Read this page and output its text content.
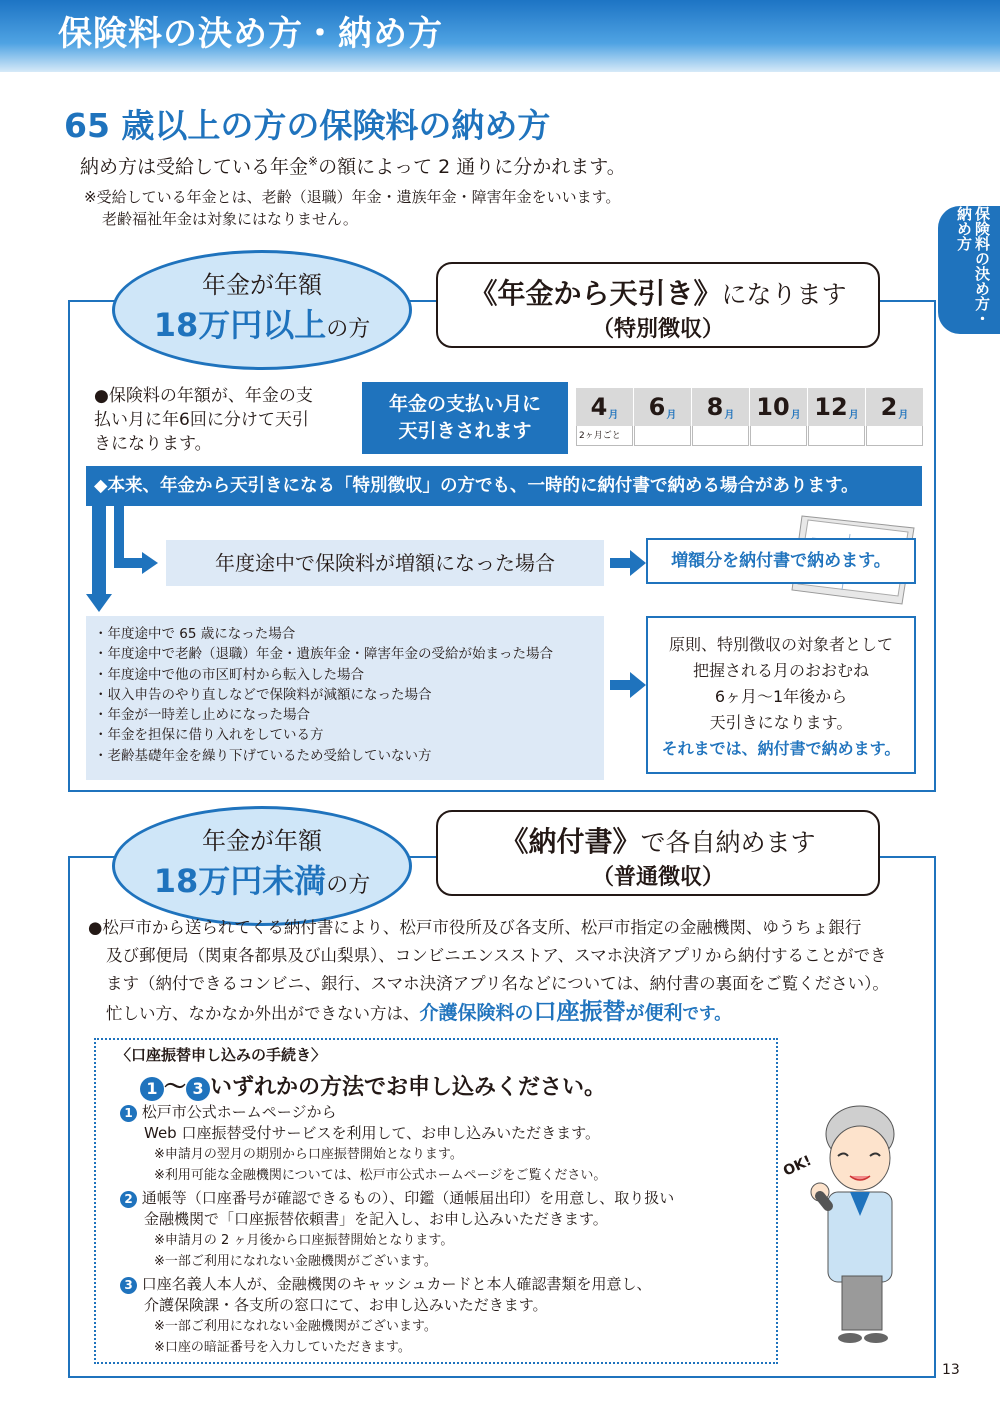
保険料の決め方・納め方
保険料の決め方・納め方
65 歳以上の方の保険料の納め方
納め方は受給している年金※の額によって 2 通りに分かれます。
※受給している年金とは、老齢（退職）年金・遺族年金・障害年金をいいます。
老齢福祉年金は対象にはなりません。
年金が年額
18万円以上の方
《年金から天引き》になります
（特別徴収）
●保険料の年額が、年金の支
払い月に年6回に分けて天引
きになります。
年金の支払い月に
天引きされます
4 月
2ヶ月ごと
6 月 8 月 10 月 12 月 2 月
◆本来、年金から天引きになる「特別徴収」の方でも、一時的に納付書で納める場合があります。
年度途中で保険料が増額になった場合	増額分を納付書で納めます。
・年度途中で 65 歳になった場合
・年度途中で老齢（退職）年金・遺族年金・障害年金の受給が始まった場合
・年度途中で他の市区町村から転入した場合
・収入申告のやり直しなどで保険料が減額になった場合
・年金が一時差し止めになった場合
・年金を担保に借り入れをしている方
・老齢基礎年金を繰り下げているため受給していない方
原則、特別徴収の対象者として
把握される月のおおむね
6ヶ月〜1年後から
天引きになります。
それまでは、納付書で納めます。
年金が年額
18万円未満の方
《納付書》で各自納めます
（普通徴収）
●松戸市から送られてくる納付書により、松戸市役所及び各支所、松戸市指定の金融機関、ゆうちょ銀行
及び郵便局（関東各都県及び山梨県）、コンビニエンスストア、スマホ決済アプリから納付することができ
ます（納付できるコンビニ、銀行、スマホ決済アプリ名などについては、納付書の裏面をご覧ください）。
忙しい方、なかなか外出ができない方は、介護保険料の口座振替が便利です。
〈口座振替申し込みの手続き〉
1 〜 3 いずれかの方法でお申し込みください。
1 松戸市公式ホームページから
Web 口座振替受付サービスを利用して、お申し込みいただきます。
※申請月の翌月の期別から口座振替開始となります。
※利用可能な金融機関については、松戸市公式ホームページをご覧ください。
2 通帳等（口座番号が確認できるもの）、印鑑（通帳届出印）を用意し、取り扱い
金融機関で「口座振替依頼書」を記入し、お申し込みいただきます。
※申請月の 2 ヶ月後から口座振替開始となります。
※一部ご利用になれない金融機関がございます。
3 口座名義人本人が、金融機関のキャッシュカードと本人確認書類を用意し、
介護保険課・各支所の窓口にて、お申し込みいただきます。
※一部ご利用になれない金融機関がございます。
※口座の暗証番号を入力していただきます。
OK!
13
